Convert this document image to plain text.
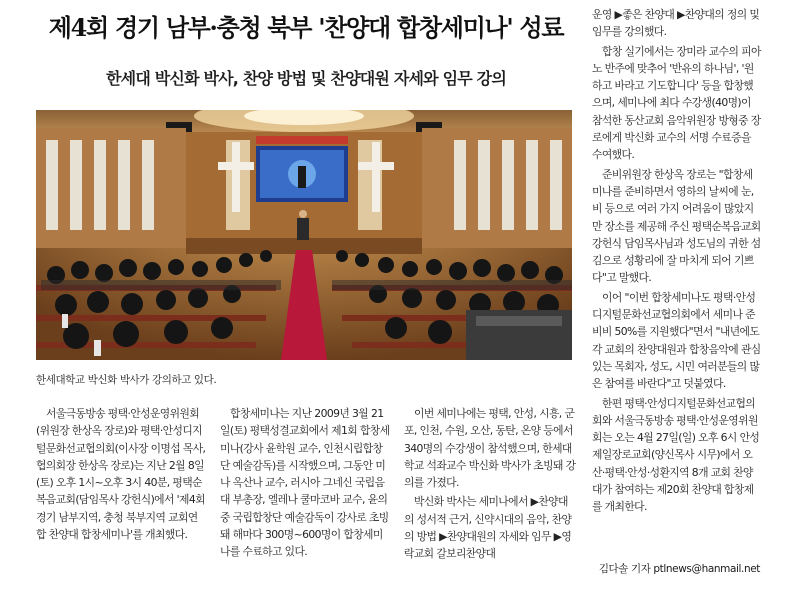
제4회 경기 남부·충청 북부 '찬양대 합창세미나' 성료
한세대 박신화 박사, 찬양 방법 및 찬양대원 자세와 임무 강의
한세대학교 박신화 박사가 강의하고 있다.

서울극동방송 평택·안성운영위원회(위원장 한상옥 장로)와 평택·안성디지털문화선교협의회(이사장 이명섭 목사, 협의회장 한상옥 장로)는 지난 2월 8일(토) 오후 1시~오후 3시 40분, 평택순복음교회(담임목사 강헌식)에서 '제4회 경기 남부지역, 충청 북부지역 교회연합 찬양대 합창세미나'를 개최했다.

합창세미나는 지난 2009년 3월 21일(토) 평택성결교회에서 제1회 합창세미나(강사 윤학원 교수, 인천시립합창단 예술감독)를 시작했으며, 그동안 미나 옥산나 교수, 러시아 그네신 국립음대 부총장, 엘레나 쿨마코바 교수, 윤의중 국립합창단 예술감독이 강사로 초빙돼 해마다 300명~600명이 합창세미나를 수료하고 있다.

이번 세미나에는 평택, 안성, 시흥, 군포, 인천, 수원, 오산, 동탄, 온양 등에서 340명의 수강생이 참석했으며, 한세대학교 석좌교수 박신화 박사가 초빙돼 강의를 가졌다.

박신화 박사는 세미나에서 ▶찬양대의 성서적 근거, 신약시대의 음악, 찬양의 방법 ▶찬양대원의 자세와 임무 ▶영락교회 갈보리찬양대

운영 ▶좋은 찬양대 ▶찬양대의 정의 및 임무를 강의했다.

합창 실기에서는 장미라 교수의 피아노 반주에 맞추어 '반유의 하나님', '원하고 바라고 기도합니다' 등을 합창했으며, 세미나에 최다 수강생(40명)이 참석한 동산교회 음악위원장 방형중 장로에게 박신화 교수의 서명 수료증을 수여했다.

준비위원장 한상옥 장로는 "합창세미나를 준비하면서 영하의 날씨에 눈, 비 등으로 여러 가지 어려움이 많았지만 장소를 제공해 주신 평택순복음교회 강헌식 담임목사님과 성도님의 귀한 섬김으로 성황리에 잘 마치게 되어 기쁘다"고 말했다.

이어 "이번 합창세미나도 평택·안성디지털문화선교협의회에서 세미나 준비비 50%를 지원했다"면서 "내년에도 각 교회의 찬양대원과 합창음악에 관심 있는 목회자, 성도, 시민 여러분들의 많은 참여를 바란다"고 덧붙였다.

한편 평택·안성디지털문화선교협의회와 서울극동방송 평택·안성운영위원회는 오는 4월 27일(일) 오후 6시 안성제일장로교회(양신목사 시무)에서 오산·평택·안성·성환지역 8개 교회 찬양대가 참여하는 제20회 찬양대 합창제를 개최한다.

김다솔 기자 ptlnews@hanmail.net
